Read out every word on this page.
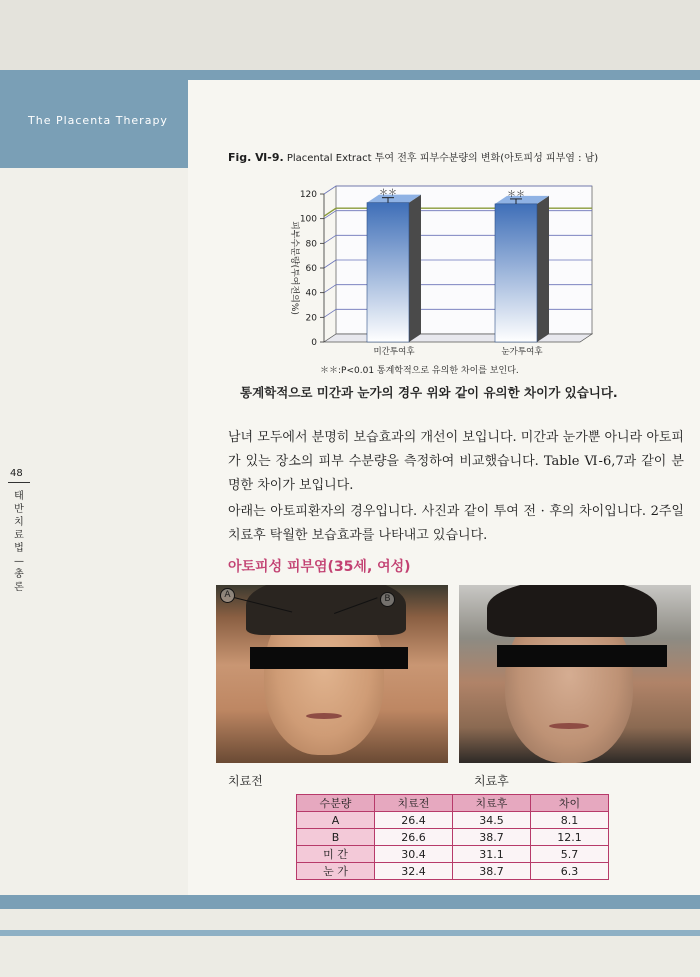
The Placenta Therapy
48
태
반
치
료
법
—
총
론
Fig. Ⅵ-9. Placental Extract 투여 전후 피부수분량의 변화(아토피성 피부염 : 남)
0
20
40
60
80
100
120	＊＊
미간투여후
＊＊
눈가투여후
피부수분량(투여전의%)
＊＊:P<0.01 통계학적으로 유의한 차이를 보인다.
통계학적으로 미간과 눈가의 경우 위와 같이 유의한 차이가 있습니다.
남녀 모두에서 분명히 보습효과의 개선이 보입니다. 미간과 눈가뿐 아니라 아토피가 있는 장소의 피부 수분량을 측정하여 비교했습니다. Table Ⅵ-6,7과 같이 분명한 차이가 보입니다.
아래는 아토피환자의 경우입니다. 사진과 같이 투여 전 · 후의 차이입니다. 2주일 치료후 탁월한 보습효과를 나타내고 있습니다.
아토피성 피부염(35세, 여성)
A	B
치료전	치료후
수분량	치료전	치료후	차이
A	26.4	34.5	8.1
B	26.6	38.7	12.1
미 간	30.4	31.1	5.7
눈 가	32.4	38.7	6.3
